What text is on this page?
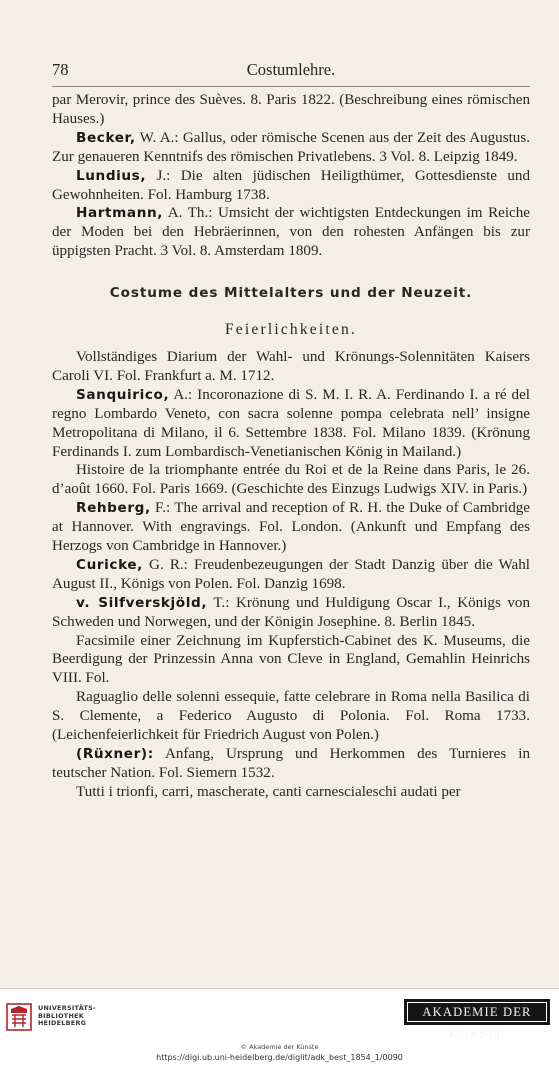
78	Costumlehre.

par Merovir, prince des Suèves. 8. Paris 1822. (Beschreibung eines römischen Hauses.)

Becker, W. A.: Gallus, oder römische Scenen aus der Zeit des Augustus. Zur genaueren Kenntnifs des römischen Privatlebens. 3 Vol. 8. Leipzig 1849.

Lundius, J.: Die alten jüdischen Heiligthümer, Gottesdienste und Gewohnheiten. Fol. Hamburg 1738.

Hartmann, A. Th.: Umsicht der wichtigsten Entdeckungen im Reiche der Moden bei den Hebräerinnen, von den rohesten Anfängen bis zur üppigsten Pracht. 3 Vol. 8. Amsterdam 1809.

Costume des Mittelalters und der Neuzeit.
Feierlichkeiten.

Vollständiges Diarium der Wahl- und Krönungs-Solennitäten Kaisers Caroli VI. Fol. Frankfurt a. M. 1712.

Sanquirico, A.: Incoronazione di S. M. I. R. A. Ferdinando I. a ré del regno Lombardo Veneto, con sacra solenne pompa celebrata nell’ insigne Metropolitana di Milano, il 6. Settembre 1838. Fol. Milano 1839. (Krönung Ferdinands I. zum Lombardisch-Venetianischen König in Mailand.)

Histoire de la triomphante entrée du Roi et de la Reine dans Paris, le 26. d’août 1660. Fol. Paris 1669. (Geschichte des Einzugs Ludwigs XIV. in Paris.)

Rehberg, F.: The arrival and reception of R. H. the Duke of Cambridge at Hannover. With engravings. Fol. London. (Ankunft und Empfang des Herzogs von Cambridge in Hannover.)

Curicke, G. R.: Freudenbezeugungen der Stadt Danzig über die Wahl August II., Königs von Polen. Fol. Danzig 1698.

v. Silfverskjöld, T.: Krönung und Huldigung Oscar I., Königs von Schweden und Norwegen, und der Königin Josephine. 8. Berlin 1845.

Facsimile einer Zeichnung im Kupferstich-Cabinet des K. Museums, die Beerdigung der Prinzessin Anna von Cleve in England, Gemahlin Heinrichs VIII. Fol.

Raguaglio delle solenni essequie, fatte celebrare in Roma nella Basilica di S. Clemente, a Federico Augusto di Polonia. Fol. Roma 1733. (Leichenfeierlichkeit für Friedrich August von Polen.)

(Rüxner): Anfang, Ursprung und Herkommen des Turnieres in teutscher Nation. Fol. Siemern 1532.

Tutti i trionfi, carri, mascherate, canti carnescialeschi audati per

UNIVERSITÄTS-
BIBLIOTHEK
HEIDELBERG
AKADEMIE DER KÜNSTE
© Akademie der Künste
https://digi.ub.uni-heidelberg.de/diglit/adk_best_1854_1/0090
